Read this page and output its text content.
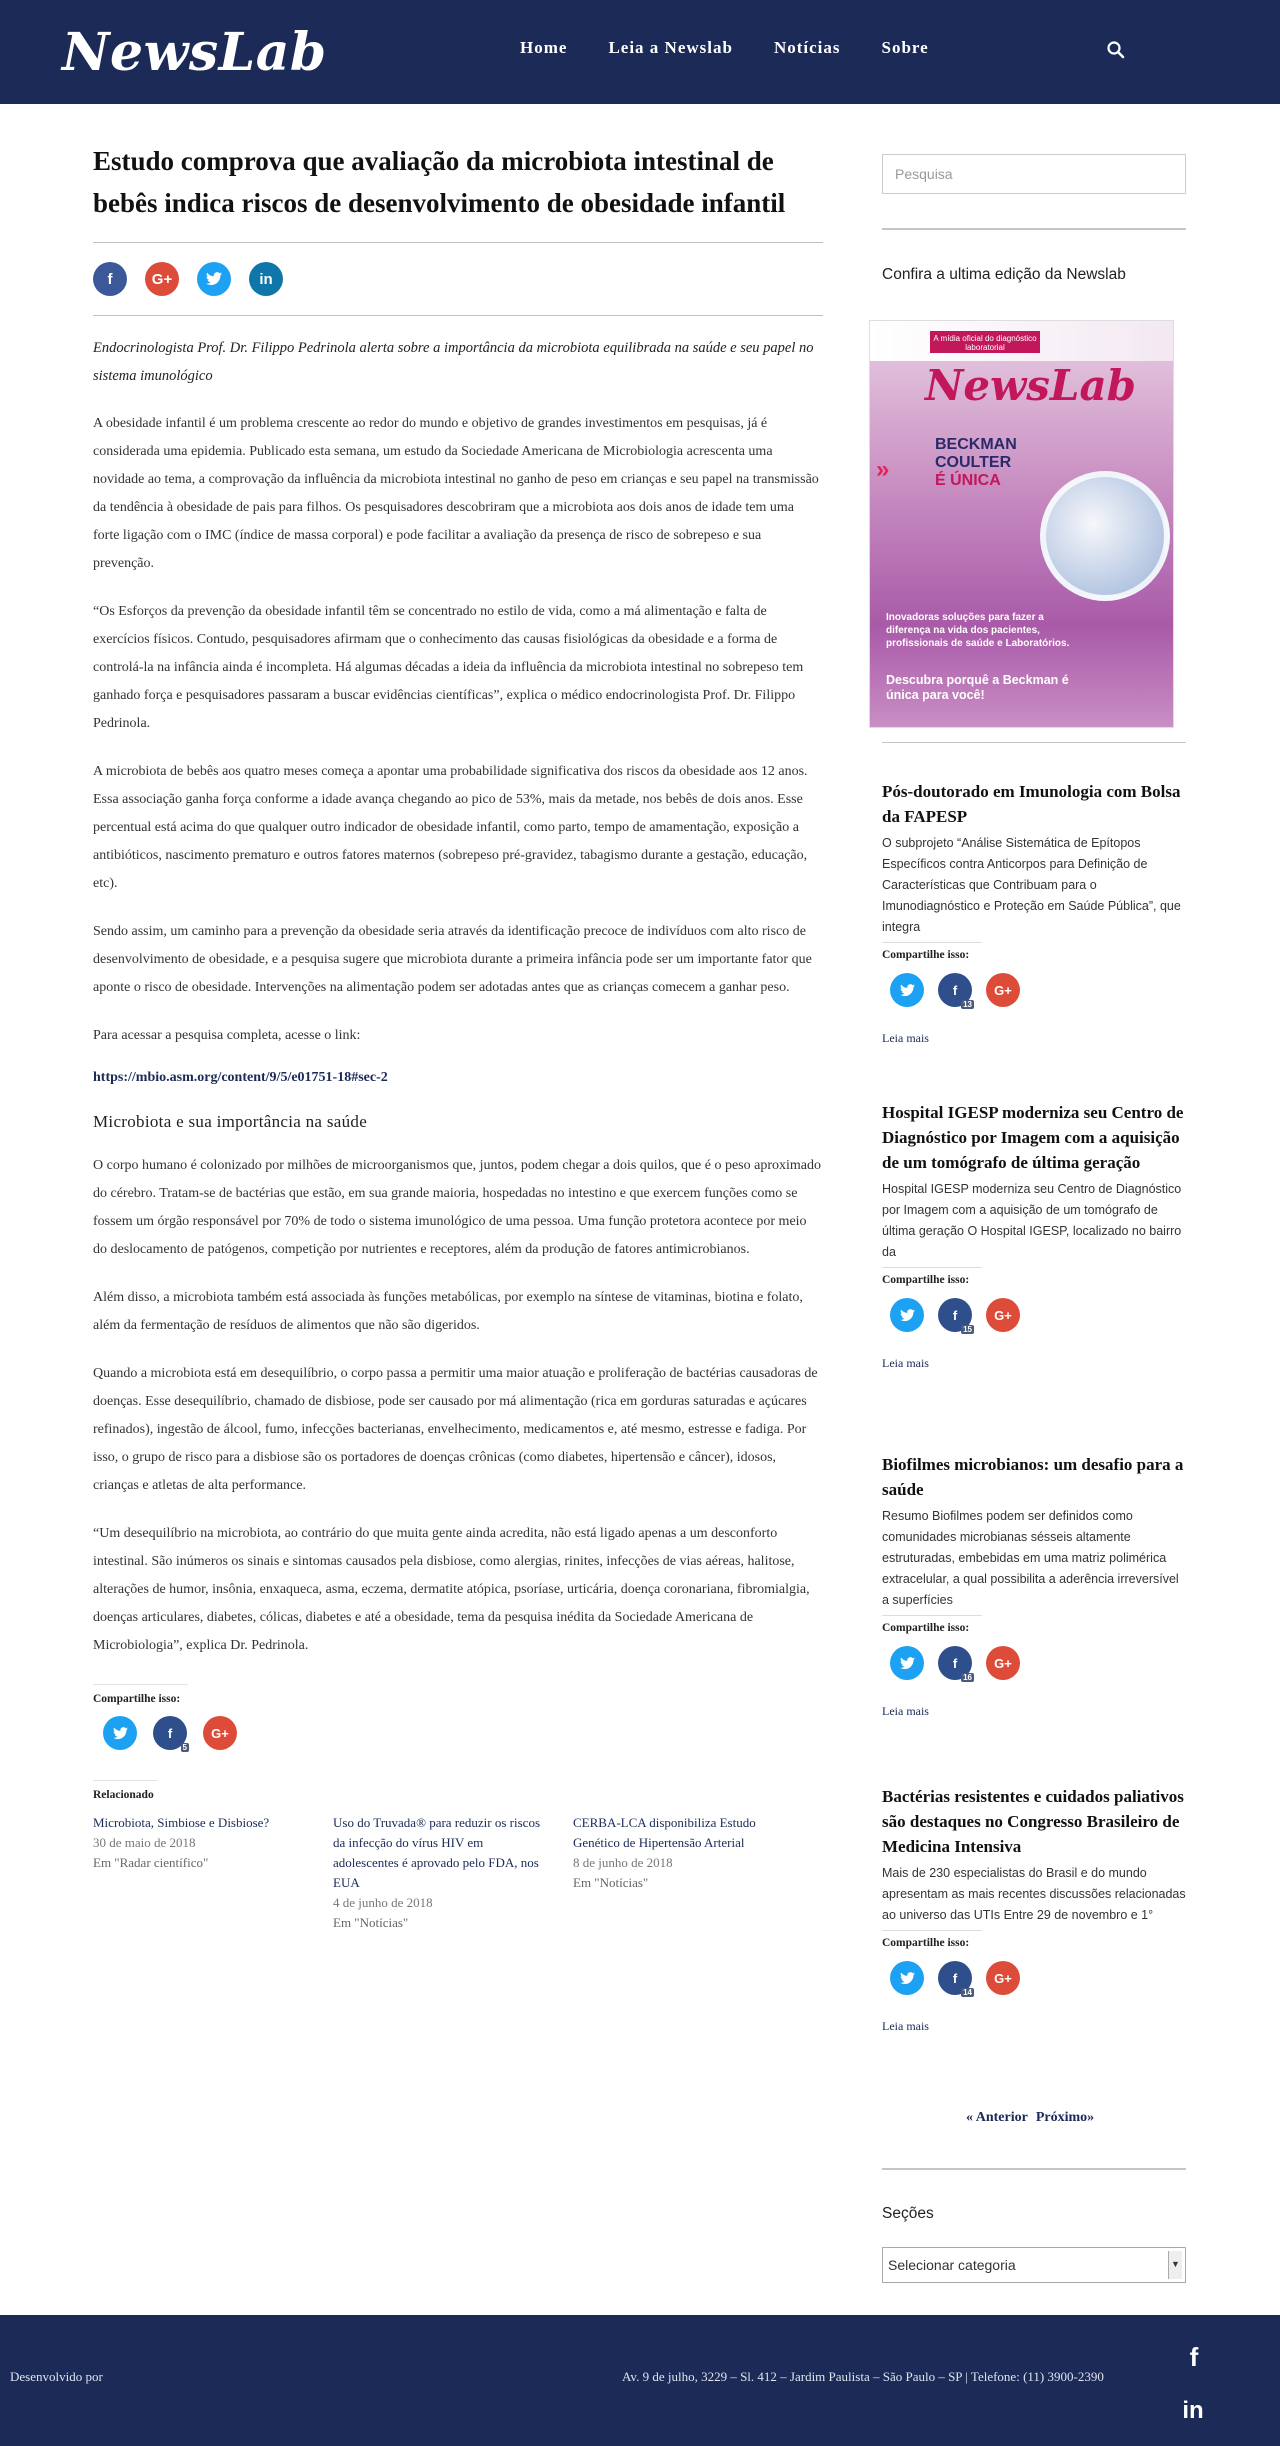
NewsLab	Home Leia a Newslab Notícias Sobre
Estudo comprova que avaliação da microbiota intestinal de bebês indica riscos de desenvolvimento de obesidade infantil
f	G+	in

Endocrinologista Prof. Dr. Filippo Pedrinola alerta sobre a importância da microbiota equilibrada na saúde e seu papel no sistema imunológico

A obesidade infantil é um problema crescente ao redor do mundo e objetivo de grandes investimentos em pesquisas, já é considerada uma epidemia. Publicado esta semana, um estudo da Sociedade Americana de Microbiologia acrescenta uma novidade ao tema, a comprovação da influência da microbiota intestinal no ganho de peso em crianças e seu papel na transmissão da tendência à obesidade de pais para filhos. Os pesquisadores descobriram que a microbiota aos dois anos de idade tem uma forte ligação com o IMC (índice de massa corporal) e pode facilitar a avaliação da presença de risco de sobrepeso e sua prevenção.

“Os Esforços da prevenção da obesidade infantil têm se concentrado no estilo de vida, como a má alimentação e falta de exercícios físicos. Contudo, pesquisadores afirmam que o conhecimento das causas fisiológicas da obesidade e a forma de controlá-la na infância ainda é incompleta. Há algumas décadas a ideia da influência da microbiota intestinal no sobrepeso tem ganhado força e pesquisadores passaram a buscar evidências científicas”, explica o médico endocrinologista Prof. Dr. Filippo Pedrinola.

A microbiota de bebês aos quatro meses começa a apontar uma probabilidade significativa dos riscos da obesidade aos 12 anos. Essa associação ganha força conforme a idade avança chegando ao pico de 53%, mais da metade, nos bebês de dois anos. Esse percentual está acima do que qualquer outro indicador de obesidade infantil, como parto, tempo de amamentação, exposição a antibióticos, nascimento prematuro e outros fatores maternos (sobrepeso pré-gravidez, tabagismo durante a gestação, educação, etc).

Sendo assim, um caminho para a prevenção da obesidade seria através da identificação precoce de indivíduos com alto risco de desenvolvimento de obesidade, e a pesquisa sugere que microbiota durante a primeira infância pode ser um importante fator que aponte o risco de obesidade. Intervenções na alimentação podem ser adotadas antes que as crianças comecem a ganhar peso.

Para acessar a pesquisa completa, acesse o link:

https://mbio.asm.org/content/9/5/e01751-18#sec-2
Microbiota e sua importância na saúde

O corpo humano é colonizado por milhões de microorganismos que, juntos, podem chegar a dois quilos, que é o peso aproximado do cérebro. Tratam-se de bactérias que estão, em sua grande maioria, hospedadas no intestino e que exercem funções como se fossem um órgão responsável por 70% de todo o sistema imunológico de uma pessoa. Uma função protetora acontece por meio do deslocamento de patógenos, competição por nutrientes e receptores, além da produção de fatores antimicrobianos.

Além disso, a microbiota também está associada às funções metabólicas, por exemplo na síntese de vitaminas, biotina e folato, além da fermentação de resíduos de alimentos que não são digeridos.

Quando a microbiota está em desequilíbrio, o corpo passa a permitir uma maior atuação e proliferação de bactérias causadoras de doenças. Esse desequilíbrio, chamado de disbiose, pode ser causado por má alimentação (rica em gorduras saturadas e açúcares refinados), ingestão de álcool, fumo, infecções bacterianas, envelhecimento, medicamentos e, até mesmo, estresse e fadiga. Por isso, o grupo de risco para a disbiose são os portadores de doenças crônicas (como diabetes, hipertensão e câncer), idosos, crianças e atletas de alta performance.

“Um desequilíbrio na microbiota, ao contrário do que muita gente ainda acredita, não está ligado apenas a um desconforto intestinal. São inúmeros os sinais e sintomas causados pela disbiose, como alergias, rinites, infecções de vias aéreas, halitose, alterações de humor, insônia, enxaqueca, asma, eczema, dermatite atópica, psoríase, urticária, doença coronariana, fibromialgia, doenças articulares, diabetes, cólicas, diabetes e até a obesidade, tema da pesquisa inédita da Sociedade Americana de Microbiologia”, explica Dr. Pedrinola.

Compartilhe isso:
f
5
G+
Relacionado
Microbiota, Simbiose e Disbiose?
30 de maio de 2018
Em "Radar científico"
Uso do Truvada® para reduzir os riscos da infecção do vírus HIV em adolescentes é aprovado pelo FDA, nos EUA
4 de junho de 2018
Em "Notícias"
CERBA-LCA disponibiliza Estudo Genético de Hipertensão Arterial
8 de junho de 2018
Em "Notícias"
Pesquisa
Confira a ultima edição da Newslab
A mídia oficial do diagnóstico laboratorial
NewsLab
»
BECKMAN
COULTER
É ÚNICA
Inovadoras soluções para fazer a diferença na vida dos pacientes, profissionais de saúde e Laboratórios.
Descubra porquê a Beckman é única para você!
Pós-doutorado em Imunologia com Bolsa da FAPESP
O subprojeto “Análise Sistemática de Epítopos Específicos contra Anticorpos para Definição de Características que Contribuam para o Imunodiagnóstico e Proteção em Saúde Pública”, que integra
Compartilhe isso:
f
13
G+
Leia mais
Hospital IGESP moderniza seu Centro de Diagnóstico por Imagem com a aquisição de um tomógrafo de última geração
Hospital IGESP moderniza seu Centro de Diagnóstico por Imagem com a aquisição de um tomógrafo de última geração O Hospital IGESP, localizado no bairro da
Compartilhe isso:
f
15
G+
Leia mais
Biofilmes microbianos: um desafio para a saúde
Resumo Biofilmes podem ser definidos como comunidades microbianas sésseis altamente estruturadas, embebidas em uma matriz polimérica extracelular, a qual possibilita a aderência irreversível a superfícies
Compartilhe isso:
f
16
G+
Leia mais
Bactérias resistentes e cuidados paliativos são destaques no Congresso Brasileiro de Medicina Intensiva
Mais de 230 especialistas do Brasil e do mundo apresentam as mais recentes discussões relacionadas ao universo das UTIs Entre 29 de novembro e 1°
Compartilhe isso:
f
14
G+
Leia mais
« Anterior Próximo»
Seções
Selecionar categoria	▼
Desenvolvido por	Av. 9 de julho, 3229 – Sl. 412 – Jardim Paulista – São Paulo – SP | Telefone: (11) 3900-2390
f
in
